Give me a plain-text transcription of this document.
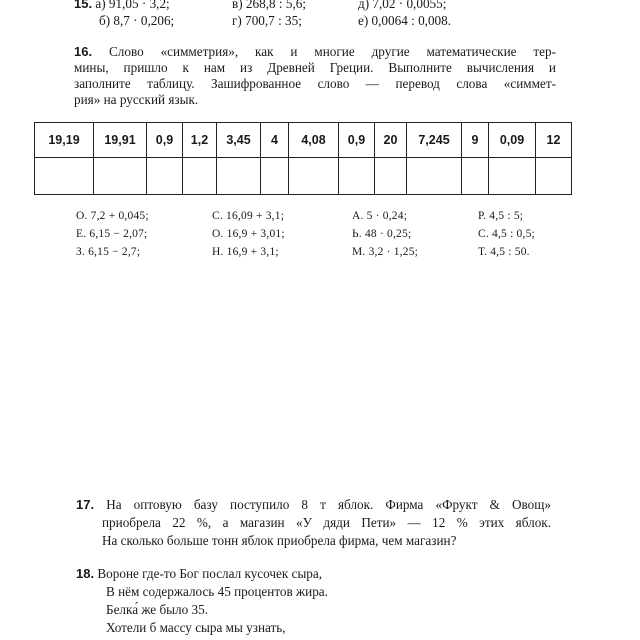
15. а) 91,05 · 3,2;	в) 268,8 : 5,6;	д) 7,02 · 0,0055;
б) 8,7 · 0,206;	г) 700,7 : 35;	е) 0,0064 : 0,008.
16. Слово «симметрия», как и многие другие математические тер-
мины, пришло к нам из Древней Греции. Выполните вычисления и
заполните таблицу. Зашифрованное слово — перевод слова «симмет-
рия» на русский язык.
19,19	19,91	0,9	1,2	3,45	4	4,08	0,9	20	7,245	9	0,09	12

О. 7,2 + 0,045;	С. 16,09 + 3,1;	А. 5 · 0,24;	Р. 4,5 : 5;
Е. 6,15 − 2,07;	О. 16,9 + 3,01;	Ь. 48 · 0,25;	С. 4,5 : 0,5;
З. 6,15 − 2,7;	Н. 16,9 + 3,1;	М. 3,2 · 1,25;	Т. 4,5 : 50.
17. На оптовую базу поступило 8 т яблок. Фирма «Фрукт & Овощ»
приобрела 22 %, а магазин «У дяди Пети» — 12 % этих яблок.
На сколько больше тонн яблок приобрела фирма, чем магазин?
18. Вороне где-то Бог послал кусочек сыра,
В нём содержалось 45 процентов жира.
Белка́ же было 35.
Хотели б массу сыра мы узнать,
